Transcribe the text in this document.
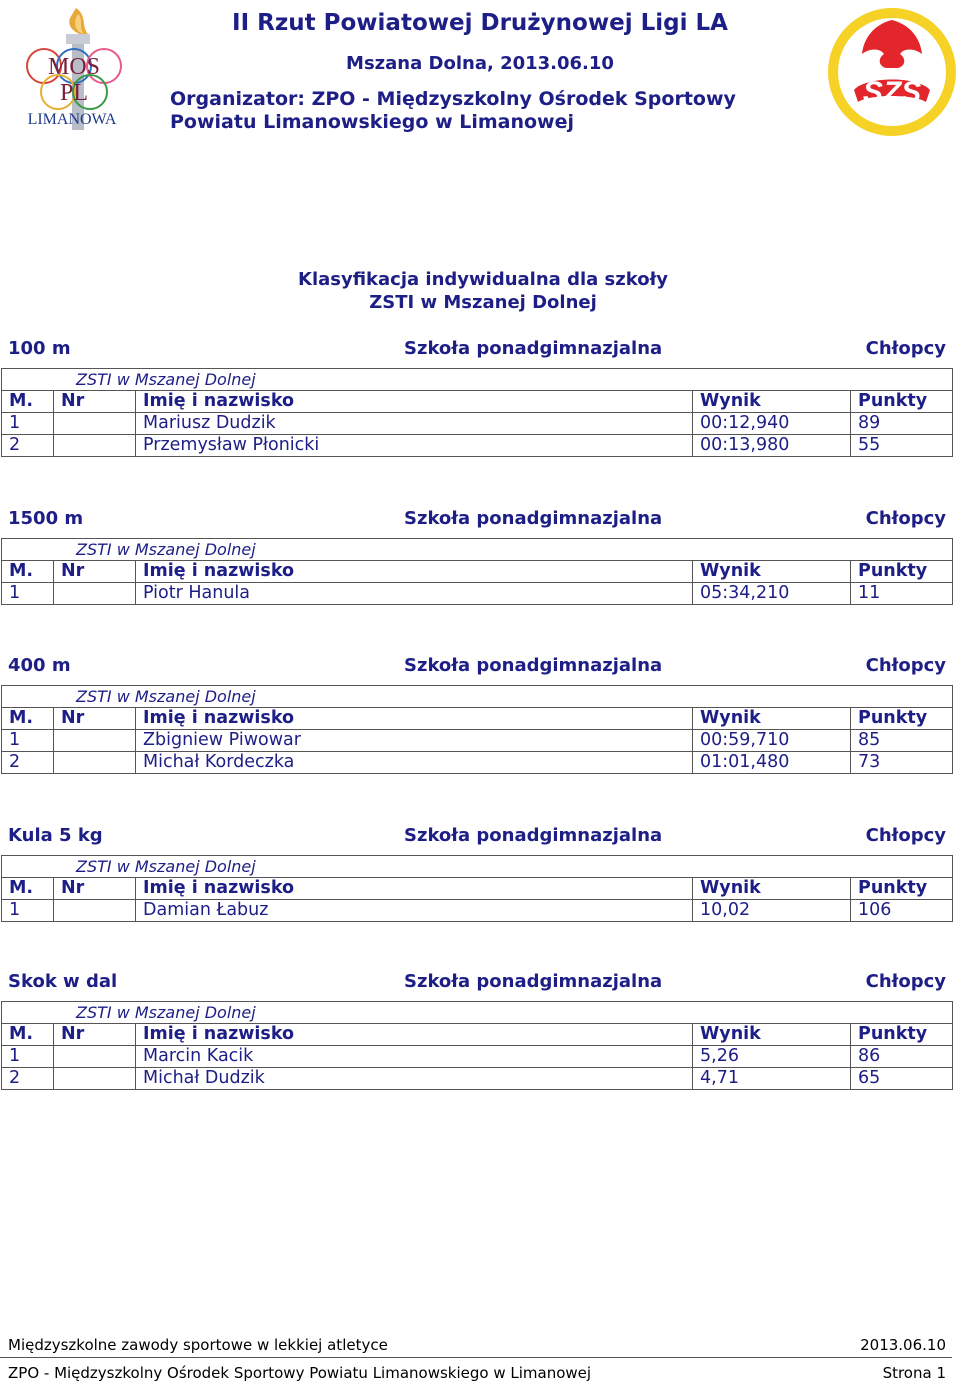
MOS
PL
LIMANOWA
SZS
II Rzut Powiatowej Drużynowej Ligi LA
Mszana Dolna, 2013.06.10
Organizator: ZPO - Międzyszkolny Ośrodek Sportowy
Powiatu Limanowskiego w Limanowej
Klasyfikacja indywidualna dla szkoły
ZSTI w Mszanej Dolnej
100 m	Szkoła ponadgimnazjalna	Chłopcy
ZSTI w Mszanej Dolnej				
M.	Nr	Imię i nazwisko	Wynik	Punkty
1		Mariusz Dudzik	00:12,940	89
2		Przemysław Płonicki	00:13,980	55
1500 m	Szkoła ponadgimnazjalna	Chłopcy
ZSTI w Mszanej Dolnej				
M.	Nr	Imię i nazwisko	Wynik	Punkty
1		Piotr Hanula	05:34,210	11
400 m	Szkoła ponadgimnazjalna	Chłopcy
ZSTI w Mszanej Dolnej				
M.	Nr	Imię i nazwisko	Wynik	Punkty
1		Zbigniew Piwowar	00:59,710	85
2		Michał Kordeczka	01:01,480	73
Kula 5 kg	Szkoła ponadgimnazjalna	Chłopcy
ZSTI w Mszanej Dolnej				
M.	Nr	Imię i nazwisko	Wynik	Punkty
1		Damian Łabuz	10,02	106
Skok w dal	Szkoła ponadgimnazjalna	Chłopcy
ZSTI w Mszanej Dolnej				
M.	Nr	Imię i nazwisko	Wynik	Punkty
1		Marcin Kacik	5,26	86
2		Michał Dudzik	4,71	65
Międzyszkolne zawody sportowe w lekkiej atletyce	2013.06.10
ZPO - Międzyszkolny Ośrodek Sportowy Powiatu Limanowskiego w Limanowej	Strona 1
